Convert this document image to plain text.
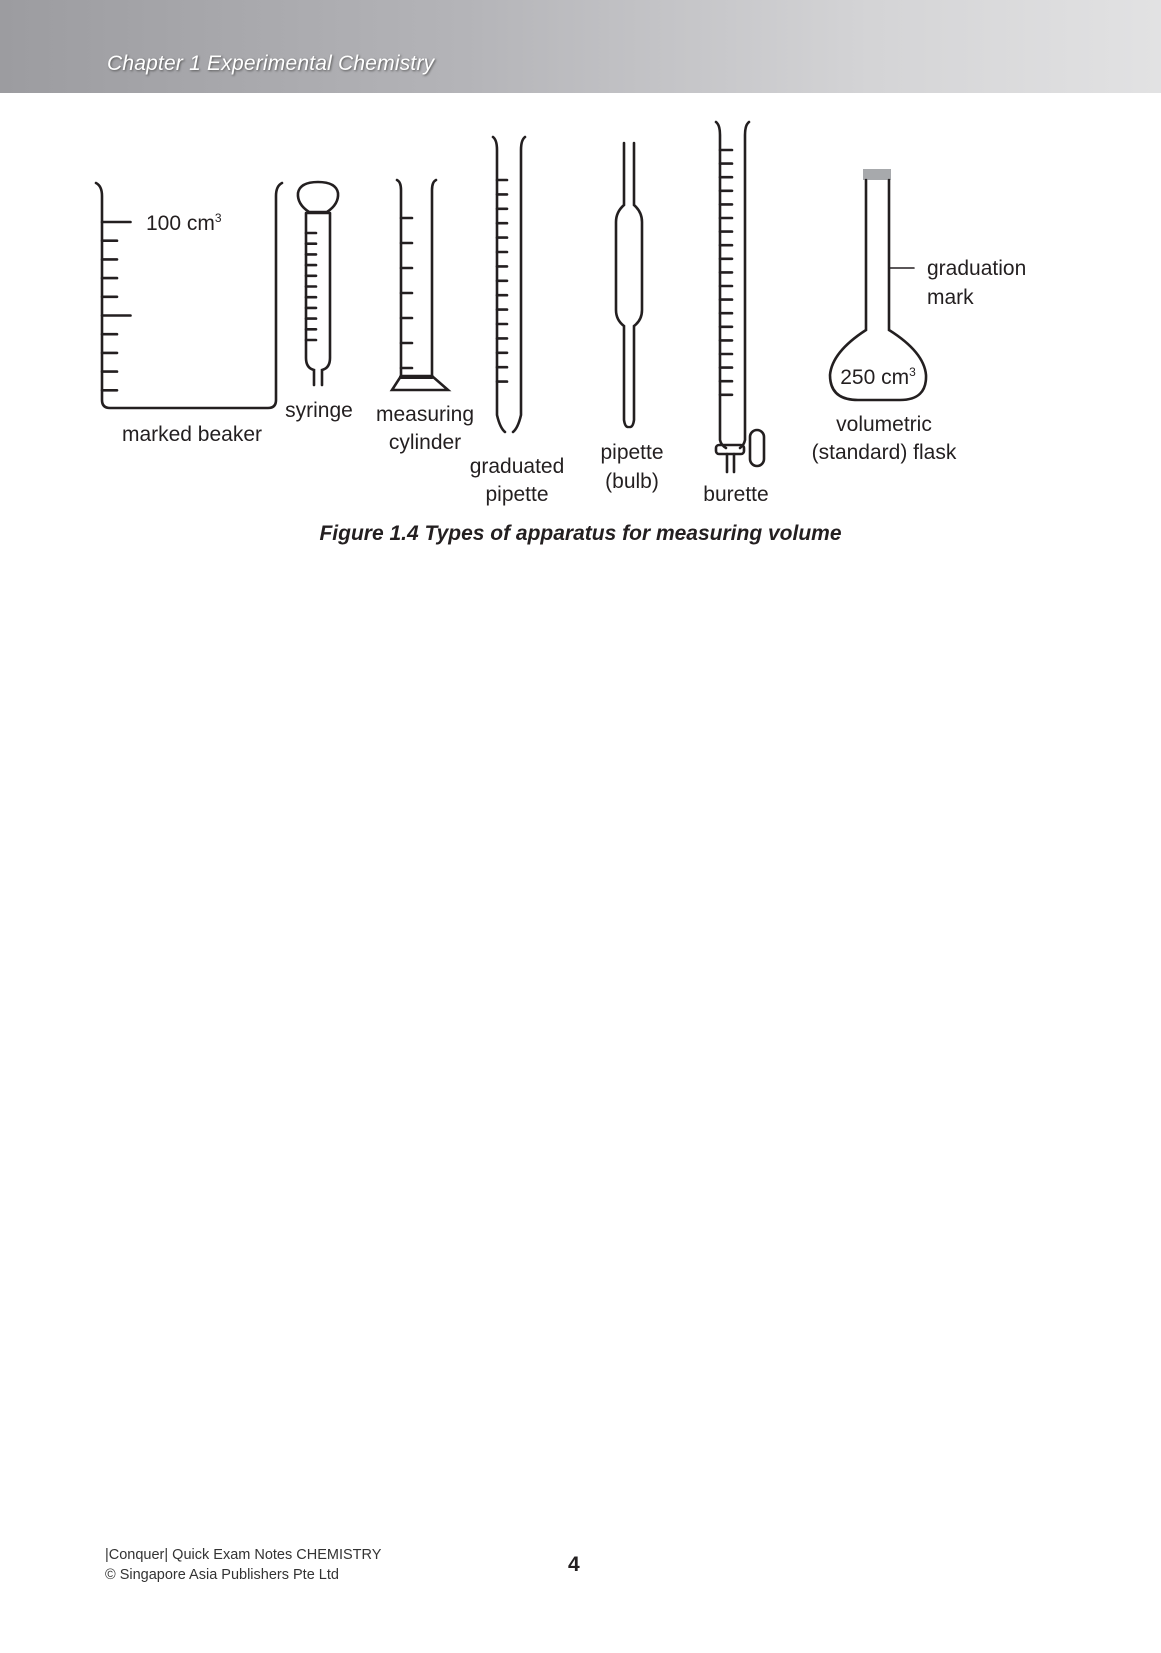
Chapter 1 Experimental Chemistry
100 $cm^3$
250 $cm^3$
graduation
mark
marked beaker
syringe measuring
cylinder
graduated
pipette
pipette
(bulb)
burette
volumetric
(standard) flask
Figure 1.4 Types of apparatus for measuring volume
|Conquer| Quick Exam Notes CHEMISTRY
© Singapore Asia Publishers Pte Ltd	4
